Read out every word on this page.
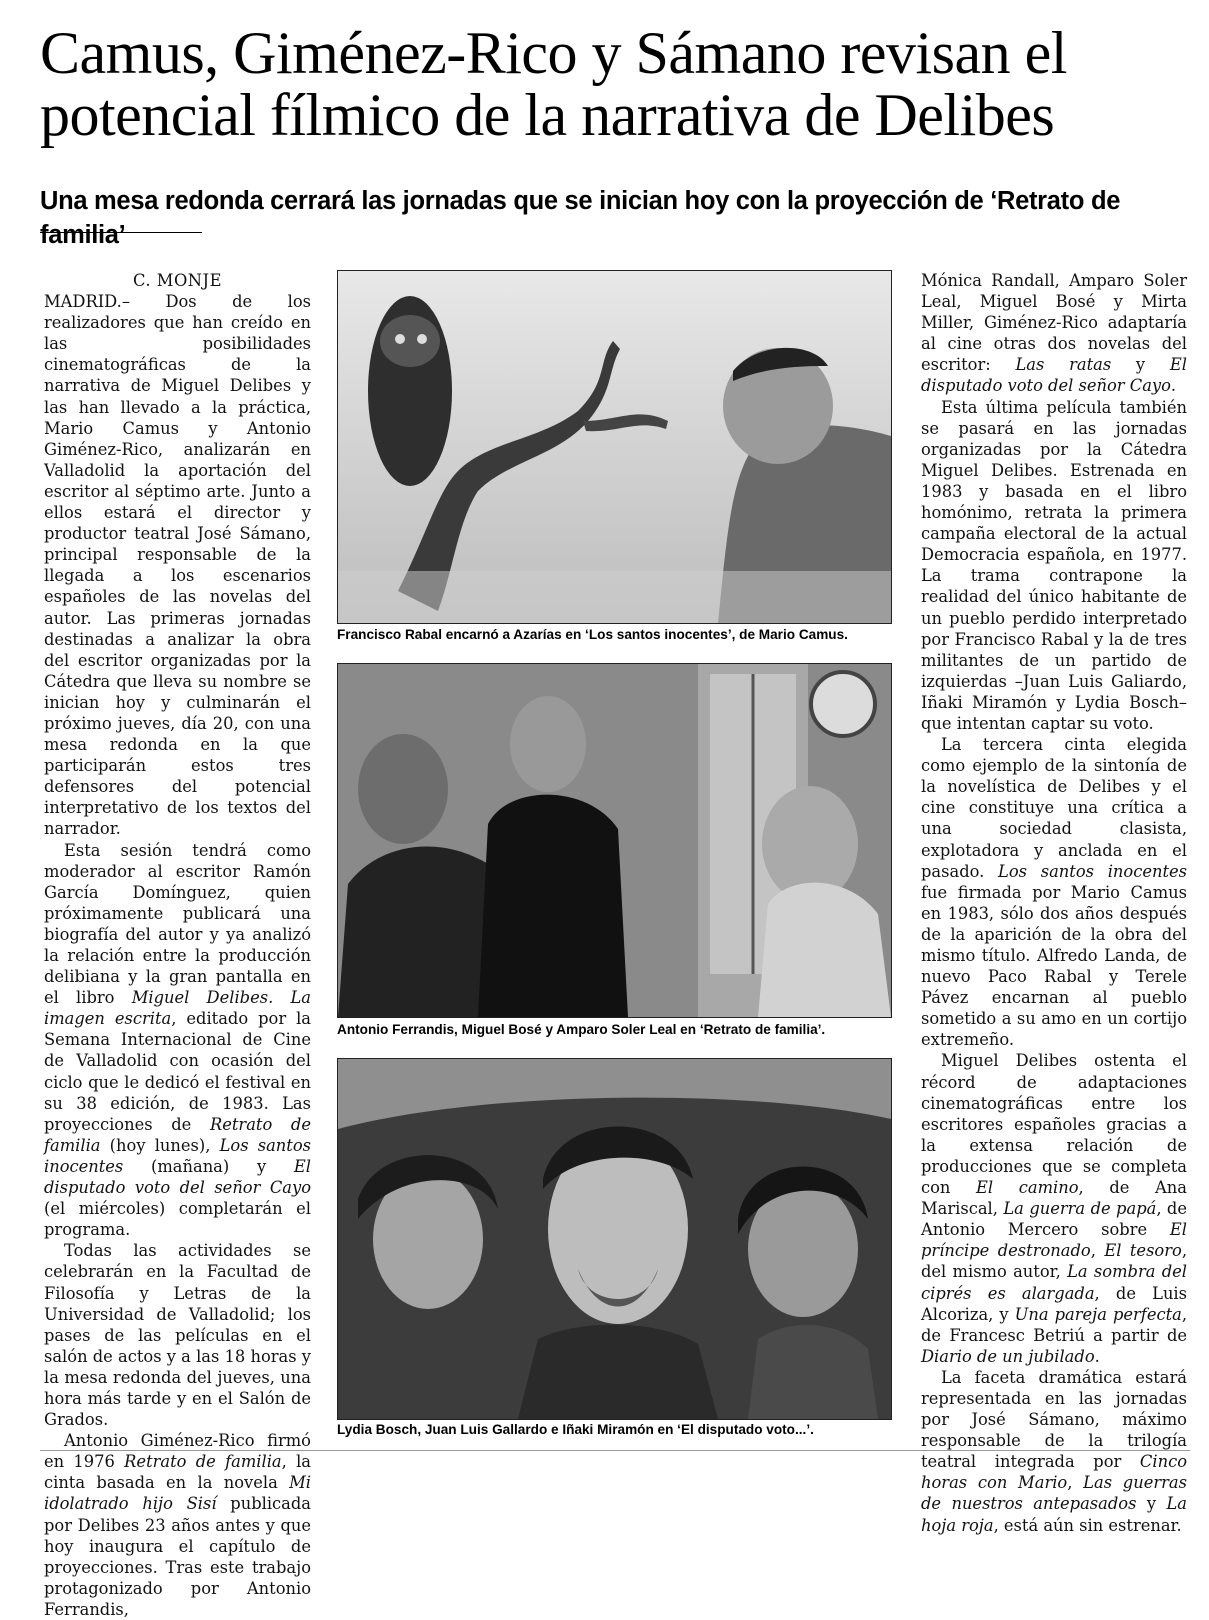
Camus, Giménez-Rico y Sámano revisan el potencial fílmico de la narrativa de Delibes
Una mesa redonda cerrará las jornadas que se inician hoy con la proyección de ‘Retrato de familia’

C. MONJE

MADRID.– Dos de los realizadores que han creído en las posibilidades cinematográficas de la narrativa de Miguel Delibes y las han llevado a la práctica, Mario Camus y Antonio Giménez-Rico, analizarán en Valladolid la aportación del escritor al séptimo arte. Junto a ellos estará el director y productor teatral José Sámano, principal responsable de la llegada a los escenarios españoles de las novelas del autor. Las primeras jornadas destinadas a analizar la obra del escritor organizadas por la Cátedra que lleva su nombre se inician hoy y culminarán el próximo jueves, día 20, con una mesa redonda en la que participarán estos tres defensores del potencial interpretativo de los textos del narrador.

Esta sesión tendrá como moderador al escritor Ramón García Domínguez, quien próximamente publicará una biografía del autor y ya analizó la relación entre la producción delibiana y la gran pantalla en el libro Miguel Delibes. La imagen escrita, editado por la Semana Internacional de Cine de Valladolid con ocasión del ciclo que le dedicó el festival en su 38 edición, de 1983. Las proyecciones de Retrato de familia (hoy lunes), Los santos inocentes (mañana) y El disputado voto del señor Cayo (el miércoles) completarán el programa.

Todas las actividades se celebrarán en la Facultad de Filosofía y Letras de la Universidad de Valladolid; los pases de las películas en el salón de actos y a las 18 horas y la mesa redonda del jueves, una hora más tarde y en el Salón de Grados.

Antonio Giménez-Rico firmó en 1976 Retrato de familia, la cinta basada en la novela Mi idolatrado hijo Sisí publicada por Delibes 23 años antes y que hoy inaugura el capítulo de proyecciones. Tras este trabajo protagonizado por Antonio Ferrandis,

Francisco Rabal encarnó a Azarías en ‘Los santos inocentes’, de Mario Camus.

Antonio Ferrandis, Miguel Bosé y Amparo Soler Leal en ‘Retrato de familia’.

Lydia Bosch, Juan Luis Gallardo e Iñaki Miramón en ‘El disputado voto...’.

Mónica Randall, Amparo Soler Leal, Miguel Bosé y Mirta Miller, Giménez-Rico adaptaría al cine otras dos novelas del escritor: Las ratas y El disputado voto del señor Cayo.

Esta última película también se pasará en las jornadas organizadas por la Cátedra Miguel Delibes. Estrenada en 1983 y basada en el libro homónimo, retrata la primera campaña electoral de la actual Democracia española, en 1977. La trama contrapone la realidad del único habitante de un pueblo perdido interpretado por Francisco Rabal y la de tres militantes de un partido de izquierdas –Juan Luis Galiardo, Iñaki Miramón y Lydia Bosch– que intentan captar su voto.

La tercera cinta elegida como ejemplo de la sintonía de la novelística de Delibes y el cine constituye una crítica a una sociedad clasista, explotadora y anclada en el pasado. Los santos inocentes fue firmada por Mario Camus en 1983, sólo dos años después de la aparición de la obra del mismo título. Alfredo Landa, de nuevo Paco Rabal y Terele Pávez encarnan al pueblo sometido a su amo en un cortijo extremeño.

Miguel Delibes ostenta el récord de adaptaciones cinematográficas entre los escritores españoles gracias a la extensa relación de producciones que se completa con El camino, de Ana Mariscal, La guerra de papá, de Antonio Mercero sobre El príncipe destronado, El tesoro, del mismo autor, La sombra del ciprés es alargada, de Luis Alcoriza, y Una pareja perfecta, de Francesc Betriú a partir de Diario de un jubilado.

La faceta dramática estará representada en las jornadas por José Sámano, máximo responsable de la trilogía teatral integrada por Cinco horas con Mario, Las guerras de nuestros antepasados y La hoja roja, está aún sin estrenar.
